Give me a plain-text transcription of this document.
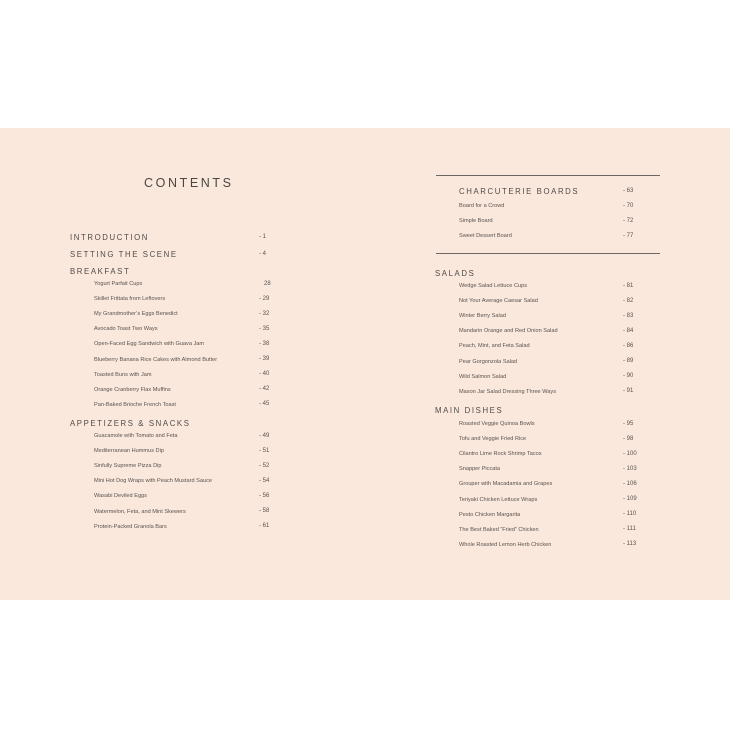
CONTENTS
INTRODUCTION	- 1
SETTING THE SCENE	- 4
BREAKFAST
Yogurt Parfait Cups	28
Skillet Frittata from Leftovers	- 29
My Grandmother’s Eggs Benedict	- 32
Avocado Toast Two Ways	- 35
Open-Faced Egg Sandwich with Guava Jam	- 38
Blueberry Banana Rice Cakes with Almond Butter	- 39
Toasted Buns with Jam	- 40
Orange Cranberry Flax Muffins	- 42
Pan-Baked Brioche French Toast	- 45
APPETIZERS & SNACKS
Guacamole with Tomato and Feta	- 49
Mediterranean Hummus Dip	- 51
Sinfully Supreme Pizza Dip	- 52
Mini Hot Dog Wraps with Peach Mustard Sauce	- 54
Wasabi Deviled Eggs	- 56
Watermelon, Feta, and Mint Skewers	- 58
Protein-Packed Granola Bars	- 61
CHARCUTERIE BOARDS	- 63
Board for a Crowd	- 70
Simple Board	- 72
Sweet Dessert Board	- 77
SALADS
Wedge Salad Lettuce Cups	- 81
Not Your Average Caesar Salad	- 82
Winter Berry Salad	- 83
Mandarin Orange and Red Onion Salad	- 84
Peach, Mint, and Feta Salad	- 86
Pear Gorgonzola Salad	- 89
Wild Salmon Salad	- 90
Mason Jar Salad Dressing Three Ways	- 91
MAIN DISHES
Roasted Veggie Quinoa Bowls	- 95
Tofu and Veggie Fried Rice	- 98
Cilantro Lime Rock Shrimp Tacos	- 100
Snapper Piccata	- 103
Grouper with Macadamia and Grapes	- 106
Teriyaki Chicken Lettuce Wraps	- 109
Pesto Chicken Margarita	- 110
The Best Baked “Fried” Chicken	- 111
Whole Roasted Lemon Herb Chicken	- 113
